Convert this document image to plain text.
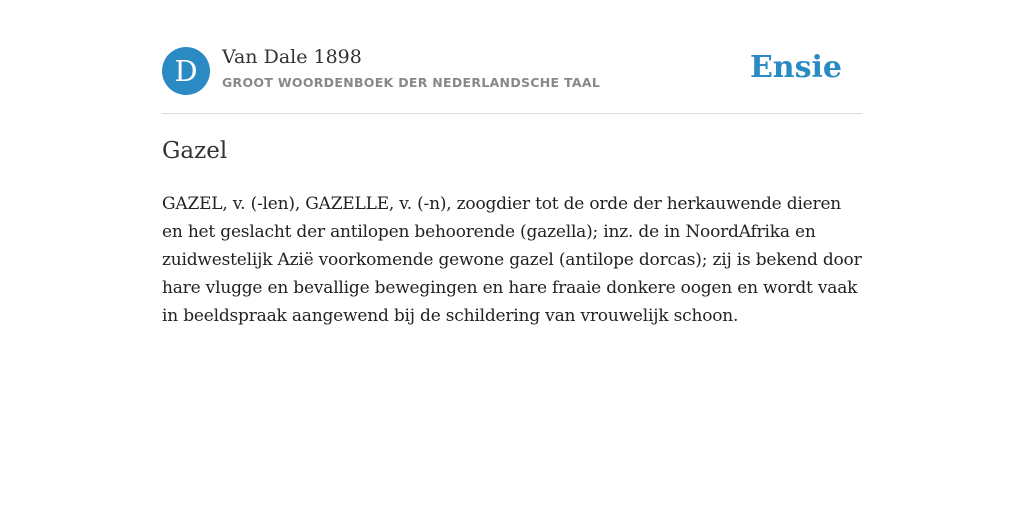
D	Van Dale 1898
GROOT WOORDENBOEK DER NEDERLANDSCHE TAAL	Ensie
Gazel

GAZEL, v. (-len), GAZELLE, v. (-n), zoogdier tot de orde der herkauwende dieren en het geslacht der antilopen behoorende (gazella); inz. de in NoordAfrika en zuidwestelijk Azië voorkomende gewone gazel (antilope dorcas); zij is bekend door hare vlugge en bevallige bewegingen en hare fraaie donkere oogen en wordt vaak in beeldspraak aangewend bij de schildering van vrouwelijk schoon.
